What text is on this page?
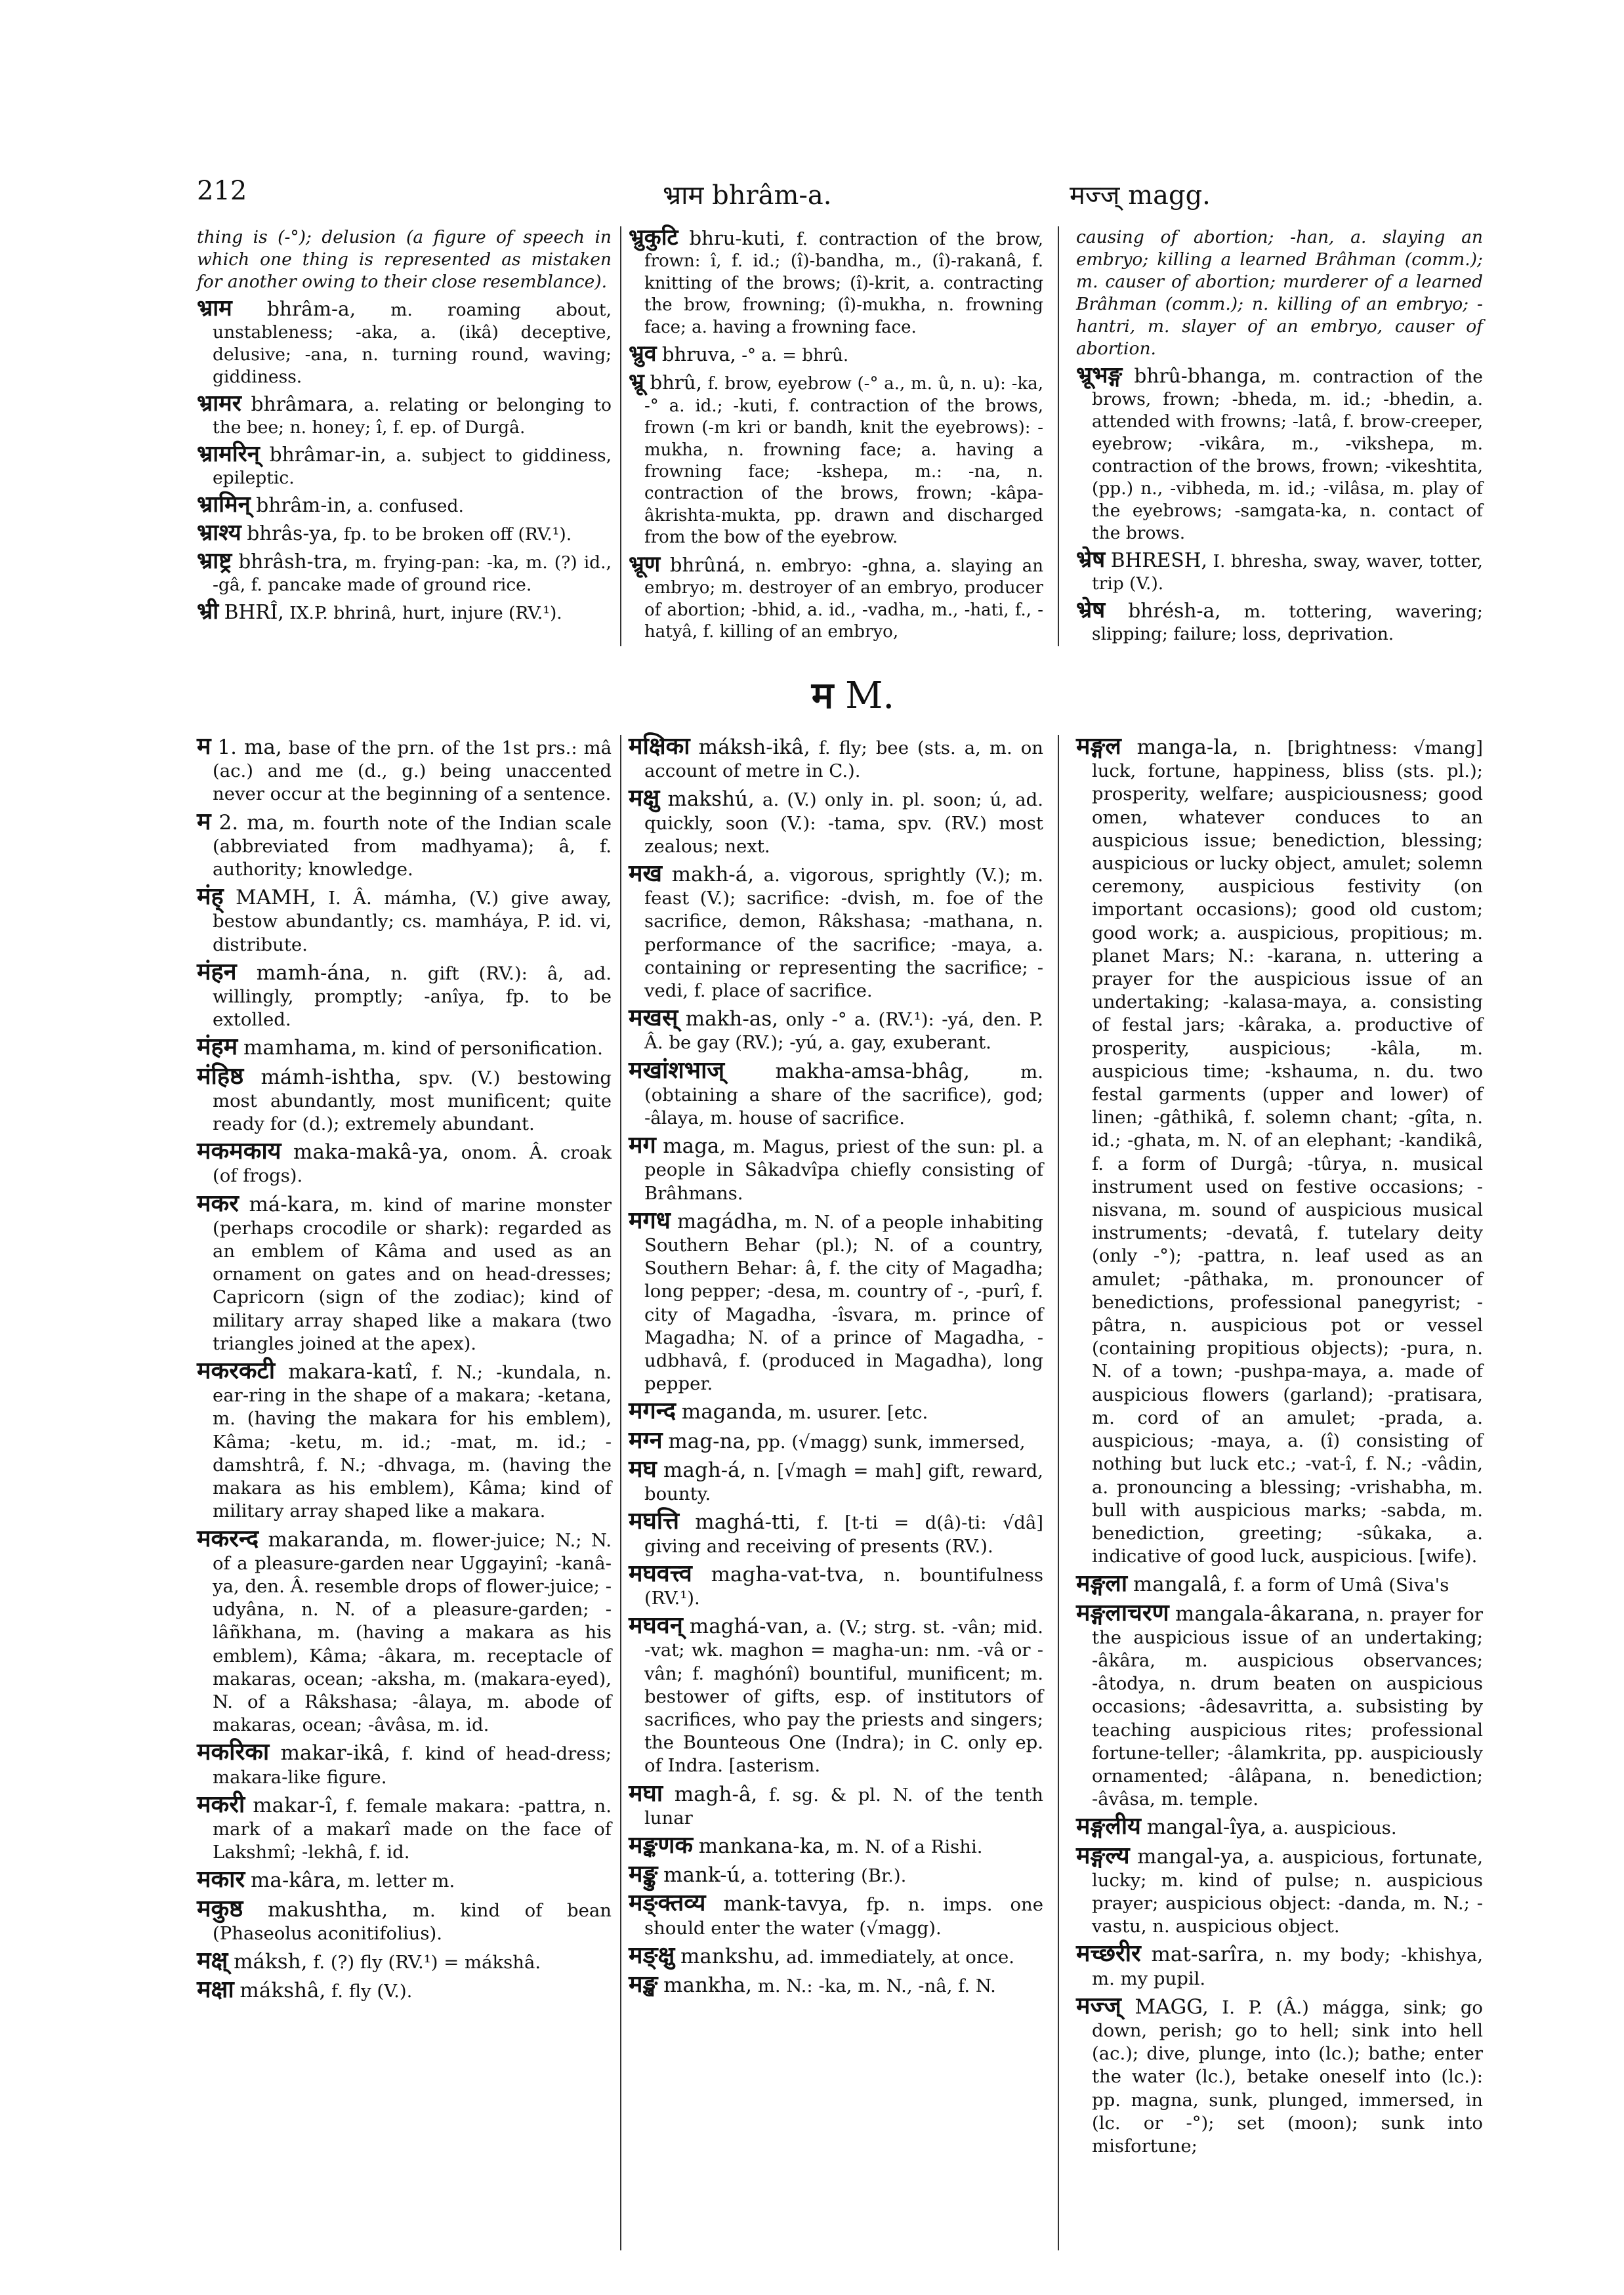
212	भ्राम bhrâm-a.	मज्ज् magg.

thing is (-°); delusion (a figure of speech in which one thing is represented as mistaken for another owing to their close resemblance).

भ्राम bhrâm-a, m. roaming about, unstableness; -aka, a. (ikâ) deceptive, delusive; -ana, n. turning round, waving; giddiness.

भ्रामर bhrâmara, a. relating or belonging to the bee; n. honey; î, f. ep. of Durgâ.

भ्रामरिन् bhrâmar-in, a. subject to giddiness, epileptic.

भ्रामिन् bhrâm-in, a. confused.

भ्राश्य bhrâs-ya, fp. to be broken off (RV.¹).

भ्राष्ट्र bhrâsh-tra, m. frying-pan: -ka, m. (?) id., -gâ, f. pancake made of ground rice.

भ्री BHRÎ, IX.P. bhrinâ, hurt, injure (RV.¹).

भ्रुकुटि bhru-kuti, f. contraction of the brow, frown: î, f. id.; (î)-bandha, m., (î)-rakanâ, f. knitting of the brows; (î)-krit, a. contracting the brow, frowning; (î)-mukha, n. frowning face; a. having a frowning face.

भ्रुव bhruva, -° a. = bhrû.

भ्रू bhrû, f. brow, eyebrow (-° a., m. û, n. u): -ka, -° a. id.; -kuti, f. contraction of the brows, frown (-m kri or bandh, knit the eyebrows): -mukha, n. frowning face; a. having a frowning face; -kshepa, m.: -na, n. contraction of the brows, frown; -kâpa-âkrishta-mukta, pp. drawn and discharged from the bow of the eyebrow.

भ्रूण bhrûná, n. embryo: -ghna, a. slaying an embryo; m. destroyer of an embryo, producer of abortion; -bhid, a. id., -vadha, m., -hati, f., -hatyâ, f. killing of an embryo,

causing of abortion; -han, a. slaying an embryo; killing a learned Brâhman (comm.); m. causer of abortion; murderer of a learned Brâhman (comm.); n. killing of an embryo; -hantri, m. slayer of an embryo, causer of abortion.

भ्रूभङ्ग bhrû-bhanga, m. contraction of the brows, frown; -bheda, m. id.; -bhedin, a. attended with frowns; -latâ, f. brow-creeper, eyebrow; -vikâra, m., -vikshepa, m. contraction of the brows, frown; -vikeshtita, (pp.) n., -vibheda, m. id.; -vilâsa, m. play of the eyebrows; -samgata-ka, n. contact of the brows.

भ्रेष BHRESH, I. bhresha, sway, waver, totter, trip (V.).

भ्रेष bhrésh-a, m. tottering, wavering; slipping; failure; loss, deprivation.

म M.

म 1. ma, base of the prn. of the 1st prs.: mâ (ac.) and me (d., g.) being unaccented never occur at the beginning of a sentence.

म 2. ma, m. fourth note of the Indian scale (abbreviated from madhyama); â, f. authority; knowledge.

मंह् MAMH, I. Â. mámha, (V.) give away, bestow abundantly; cs. mamháya, P. id. vi, distribute.

मंहन mamh-ána, n. gift (RV.): â, ad. willingly, promptly; -anîya, fp. to be extolled.

मंहम mamhama, m. kind of personification.

मंहिष्ठ mámh-ishtha, spv. (V.) bestowing most abundantly, most munificent; quite ready for (d.); extremely abundant.

मकमकाय maka-makâ-ya, onom. Â. croak (of frogs).

मकर má-kara, m. kind of marine monster (perhaps crocodile or shark): regarded as an emblem of Kâma and used as an ornament on gates and on head-dresses; Capricorn (sign of the zodiac); kind of military array shaped like a makara (two triangles joined at the apex).

मकरकटी makara-katî, f. N.; -kundala, n. ear-ring in the shape of a makara; -ketana, m. (having the makara for his emblem), Kâma; -ketu, m. id.; -mat, m. id.; -damshtrâ, f. N.; -dhvaga, m. (having the makara as his emblem), Kâma; kind of military array shaped like a makara.

मकरन्द makaranda, m. flower-juice; N.; N. of a pleasure-garden near Uggayinî; -kanâ-ya, den. Â. resemble drops of flower-juice; -udyâna, n. N. of a pleasure-garden; -lâñkhana, m. (having a makara as his emblem), Kâma; -âkara, m. receptacle of makaras, ocean; -aksha, m. (makara-eyed), N. of a Râkshasa; -âlaya, m. abode of makaras, ocean; -âvâsa, m. id.

मकरिका makar-ikâ, f. kind of head-dress; makara-like figure.

मकरी makar-î, f. female makara: -pattra, n. mark of a makarî made on the face of Lakshmî; -lekhâ, f. id.

मकार ma-kâra, m. letter m.

मकुष्ठ makushtha, m. kind of bean (Phaseolus aconitifolius).

मक्ष् máksh, f. (?) fly (RV.¹) = mákshâ.

मक्षा mákshâ, f. fly (V.).

मक्षिका máksh-ikâ, f. fly; bee (sts. a, m. on account of metre in C.).

मक्षु makshú, a. (V.) only in. pl. soon; ú, ad. quickly, soon (V.): -tama, spv. (RV.) most zealous; next.

मख makh-á, a. vigorous, sprightly (V.); m. feast (V.); sacrifice: -dvish, m. foe of the sacrifice, demon, Râkshasa; -mathana, n. performance of the sacrifice; -maya, a. containing or representing the sacrifice; -vedi, f. place of sacrifice.

मखस् makh-as, only -° a. (RV.¹): -yá, den. P. Â. be gay (RV.); -yú, a. gay, exuberant.

मखांशभाज् makha-amsa-bhâg,	m. (obtaining a share of the sacrifice), god; -âlaya, m. house of sacrifice.

मग maga, m. Magus, priest of the sun: pl. a people in Sâkadvîpa chiefly consisting of Brâhmans.

मगध magádha, m. N. of a people inhabiting Southern Behar (pl.); N. of a country, Southern Behar: â, f. the city of Magadha; long pepper; -desa, m. country of -, -purî, f. city of Magadha, -îsvara, m. prince of Magadha; N. of a prince of Magadha, -udbhavâ, f. (produced in Magadha), long pepper.

मगन्द maganda, m. usurer. [etc.

मग्न mag-na, pp. (√magg) sunk, immersed,

मघ magh-á, n. [√magh = mah] gift, reward, bounty.

मघत्ति maghá-tti, f. [t-ti = d(â)-ti: √dâ] giving and receiving of presents (RV.).

मघवत्त्व magha-vat-tva, n. bountifulness (RV.¹).

मघवन् maghá-van, a. (V.; strg. st. -vân; mid. -vat; wk. maghon = magha-un: nm. -vâ or -vân; f. maghónî) bountiful, munificent; m. bestower of gifts, esp. of institutors of sacrifices, who pay the priests and singers; the Bounteous One (Indra); in C. only ep. of Indra. [asterism.

मघा magh-â, f. sg. & pl. N. of the tenth lunar

मङ्कणक mankana-ka, m. N. of a Rishi.

मङ्कु mank-ú, a. tottering (Br.).

मङ्क्तव्य mank-tavya, fp. n. imps. one should enter the water (√magg).

मङ्क्षु mankshu, ad. immediately, at once.

मङ्ख mankha, m. N.: -ka, m. N., -nâ, f. N.

मङ्गल manga-la, n. [brightness: √mang] luck, fortune, happiness, bliss (sts. pl.); prosperity, welfare; auspiciousness; good omen, whatever conduces to an auspicious issue; benediction, blessing; auspicious or lucky object, amulet; solemn ceremony, auspicious festivity (on important occasions); good old custom; good work; a. auspicious, propitious; m. planet Mars; N.: -karana, n. uttering a prayer for the auspicious issue of an undertaking; -kalasa-maya, a. consisting of festal jars; -kâraka, a. productive of prosperity, auspicious; -kâla, m. auspicious time; -kshauma, n. du. two festal garments (upper and lower) of linen; -gâthikâ, f. solemn chant; -gîta, n. id.; -ghata, m. N. of an elephant; -kandikâ, f. a form of Durgâ; -tûrya, n. musical instrument used on festive occasions; -nisvana, m. sound of auspicious musical instruments; -devatâ, f. tutelary deity (only -°); -pattra, n. leaf used as an amulet; -pâthaka, m. pronouncer of benedictions, professional panegyrist; -pâtra, n. auspicious pot or vessel (containing propitious objects); -pura, n. N. of a town; -pushpa-maya, a. made of auspicious flowers (garland); -pratisara, m. cord of an amulet; -prada, a. auspicious; -maya, a. (î) consisting of nothing but luck etc.; -vat-î, f. N.; -vâdin, a. pronouncing a blessing; -vrishabha, m. bull with auspicious marks; -sabda, m. benediction, greeting; -sûkaka, a. indicative of good luck, auspicious. [wife).

मङ्गला mangalâ, f. a form of Umâ (Siva's

मङ्गलाचरण mangala-âkarana, n. prayer for the auspicious issue of an undertaking; -âkâra, m. auspicious observances; -âtodya, n. drum beaten on auspicious occasions; -âdesavritta, a. subsisting by teaching auspicious rites; professional fortune-teller; -âlamkrita, pp. auspiciously ornamented; -âlâpana, n. benediction; -âvâsa, m. temple.

मङ्गलीय mangal-îya, a. auspicious.

मङ्गल्य mangal-ya, a. auspicious, fortunate, lucky; m. kind of pulse; n. auspicious prayer; auspicious object: -danda, m. N.; -vastu, n. auspicious object.

मच्छरीर mat-sarîra, n. my body; -khishya, m. my pupil.

मज्ज् MAGG, I. P. (Â.) mágga, sink; go down, perish; go to hell; sink into hell (ac.); dive, plunge, into (lc.); bathe; enter the water (lc.), betake oneself into (lc.): pp. magna, sunk, plunged, immersed, in (lc. or -°); set (moon); sunk into misfortune;
